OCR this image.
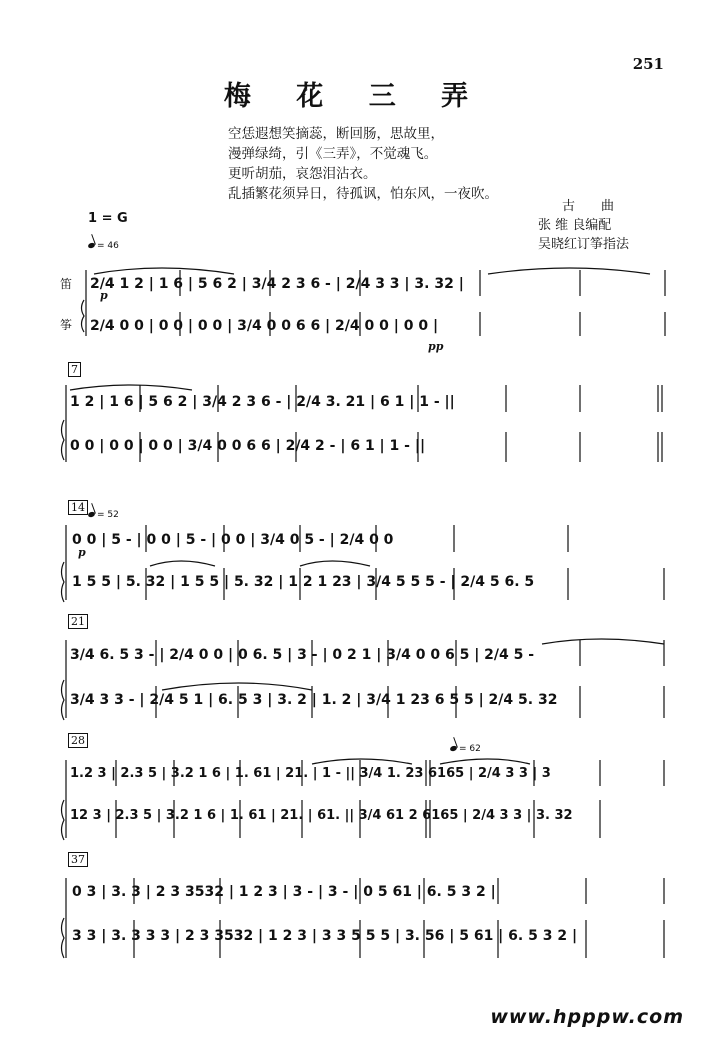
251
梅 花 三 弄
空恁遐想笑摘蕊，断回肠，思故里，
漫弹绿绮，引《三弄》，不觉魂飞。
更听胡茄，哀怨泪沾衣。
乱插繁花须异日，待孤讽，怕东风，一夜吹。
古　　曲
张 维 良编配
吴晓红订筝指法
1 = G
= 46
笛
筝
7
14
= 52
21
28
= 62
37
p
pp
p
2/4 1 2 | 1 6 | 5 6 2 | 3/4 2 3 6 - | 2/4 3 3 | 3. 32 |
2/4 0 0 | 0 0 | 0 0 | 3/4 0 0 6 6 | 2/4 0 0 | 0 0 |
1 2 | 1 6 | 5 6 2 | 3/4 2 3 6 - | 2/4 3. 21 | 6 1 | 1 - ||
0 0 | 0 0 | 0 0 | 3/4 0 0 6 6 | 2/4 2 - | 6 1 | 1 - ||
0 0 | 5 - | 0 0 | 5 - | 0 0 | 3/4 0 5 - | 2/4 0 0
1 5 5 | 5. 32 | 1 5 5 | 5. 32 | 1 2 1 23 | 3/4 5 5 5 - | 2/4 5 6. 5
3/4 6. 5 3 - | 2/4 0 0 | 0 6. 5 | 3 - | 0 2 1 | 3/4 0 0 6 5 | 2/4 5 -
3/4 3 3 - | 2/4 5 1 | 6. 5 3 | 3. 2 | 1. 2 | 3/4 1 23 6 5 5 | 2/4 5. 32
1.2 3 | 2.3 5 | 3.2 1 6 | 1. 61 | 21. | 1 - || 3/4 1. 23 6165 | 2/4 3 3 | 3
12 3 | 2.3 5 | 3.2 1 6 | 1. 61 | 21. | 61. || 3/4 61 2 6165 | 2/4 3 3 | 3. 32
0 3 | 3. 3 | 2 3 3532 | 1 2 3 | 3 - | 3 - | 0 5 61 | 6. 5 3 2 |
3 3 | 3. 3 3 3 | 2 3 3532 | 1 2 3 | 3 3 5 5 5 | 3. 56 | 5 61 | 6. 5 3 2 |
www.hpppw.com
